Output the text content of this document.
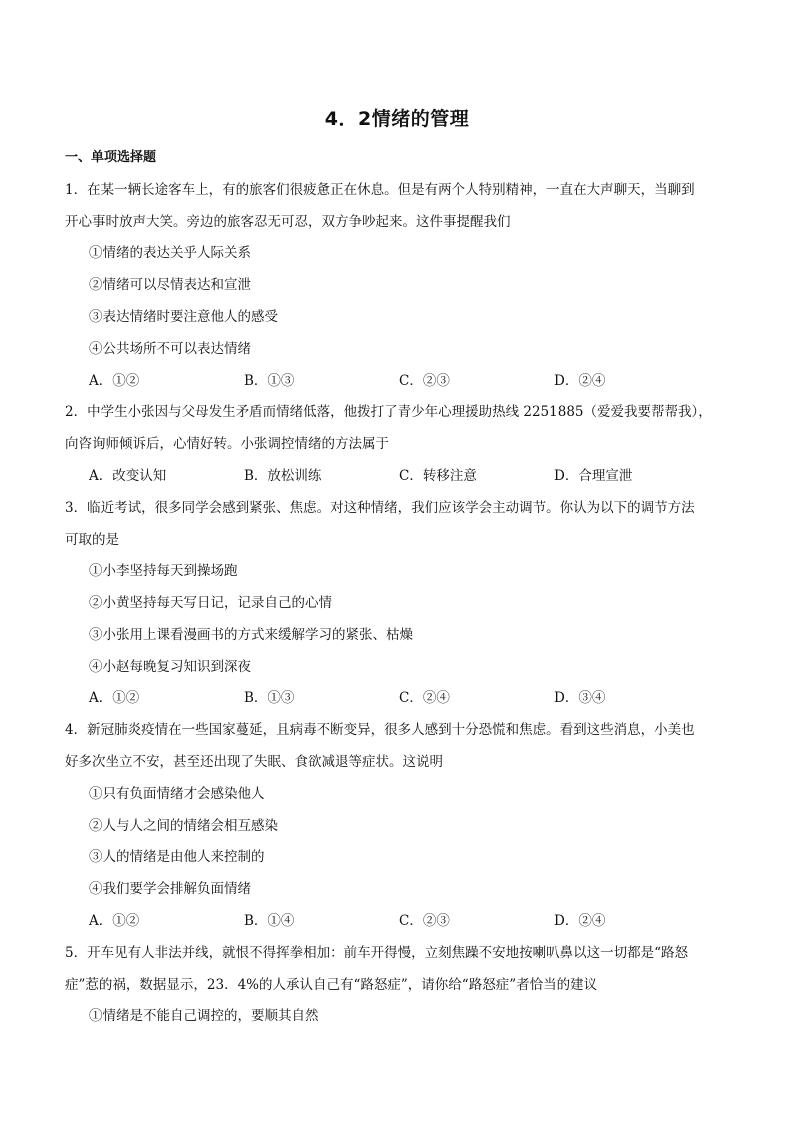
4．2情绪的管理
一、单项选择题
1．在某一辆长途客车上，有的旅客们很疲惫正在休息。但是有两个人特别精神，一直在大声聊天，当聊到
开心事时放声大笑。旁边的旅客忍无可忍，双方争吵起来。这件事提醒我们
①情绪的表达关乎人际关系
②情绪可以尽情表达和宣泄
③表达情绪时要注意他人的感受
④公共场所不可以表达情绪
A．①②	B．①③	C．②③	D．②④
2．中学生小张因与父母发生矛盾而情绪低落，他拨打了青少年心理援助热线 2251885（爱爱我要帮帮我），
向咨询师倾诉后，心情好转。小张调控情绪的方法属于
A．改变认知	B．放松训练	C．转移注意	D．合理宣泄
3．临近考试，很多同学会感到紧张、焦虑。对这种情绪，我们应该学会主动调节。你认为以下的调节方法
可取的是
①小李坚持每天到操场跑
②小黄坚持每天写日记，记录自己的心情
③小张用上课看漫画书的方式来缓解学习的紧张、枯燥
④小赵每晚复习知识到深夜
A．①②	B．①③	C．②④	D．③④
4．新冠肺炎疫情在一些国家蔓延，且病毒不断变异，很多人感到十分恐慌和焦虑。看到这些消息，小美也
好多次坐立不安，甚至还出现了失眠、食欲减退等症状。这说明
①只有负面情绪才会感染他人
②人与人之间的情绪会相互感染
③人的情绪是由他人来控制的
④我们要学会排解负面情绪
A．①②	B．①④	C．②③	D．②④
5．开车见有人非法并线，就恨不得挥拳相加：前车开得慢，立刻焦躁不安地按喇叭鼻以这一切都是“路怒
症”惹的祸，数据显示，23．4%的人承认自己有“路怒症”，请你给“路怒症”者恰当的建议
①情绪是不能自己调控的，要顺其自然
